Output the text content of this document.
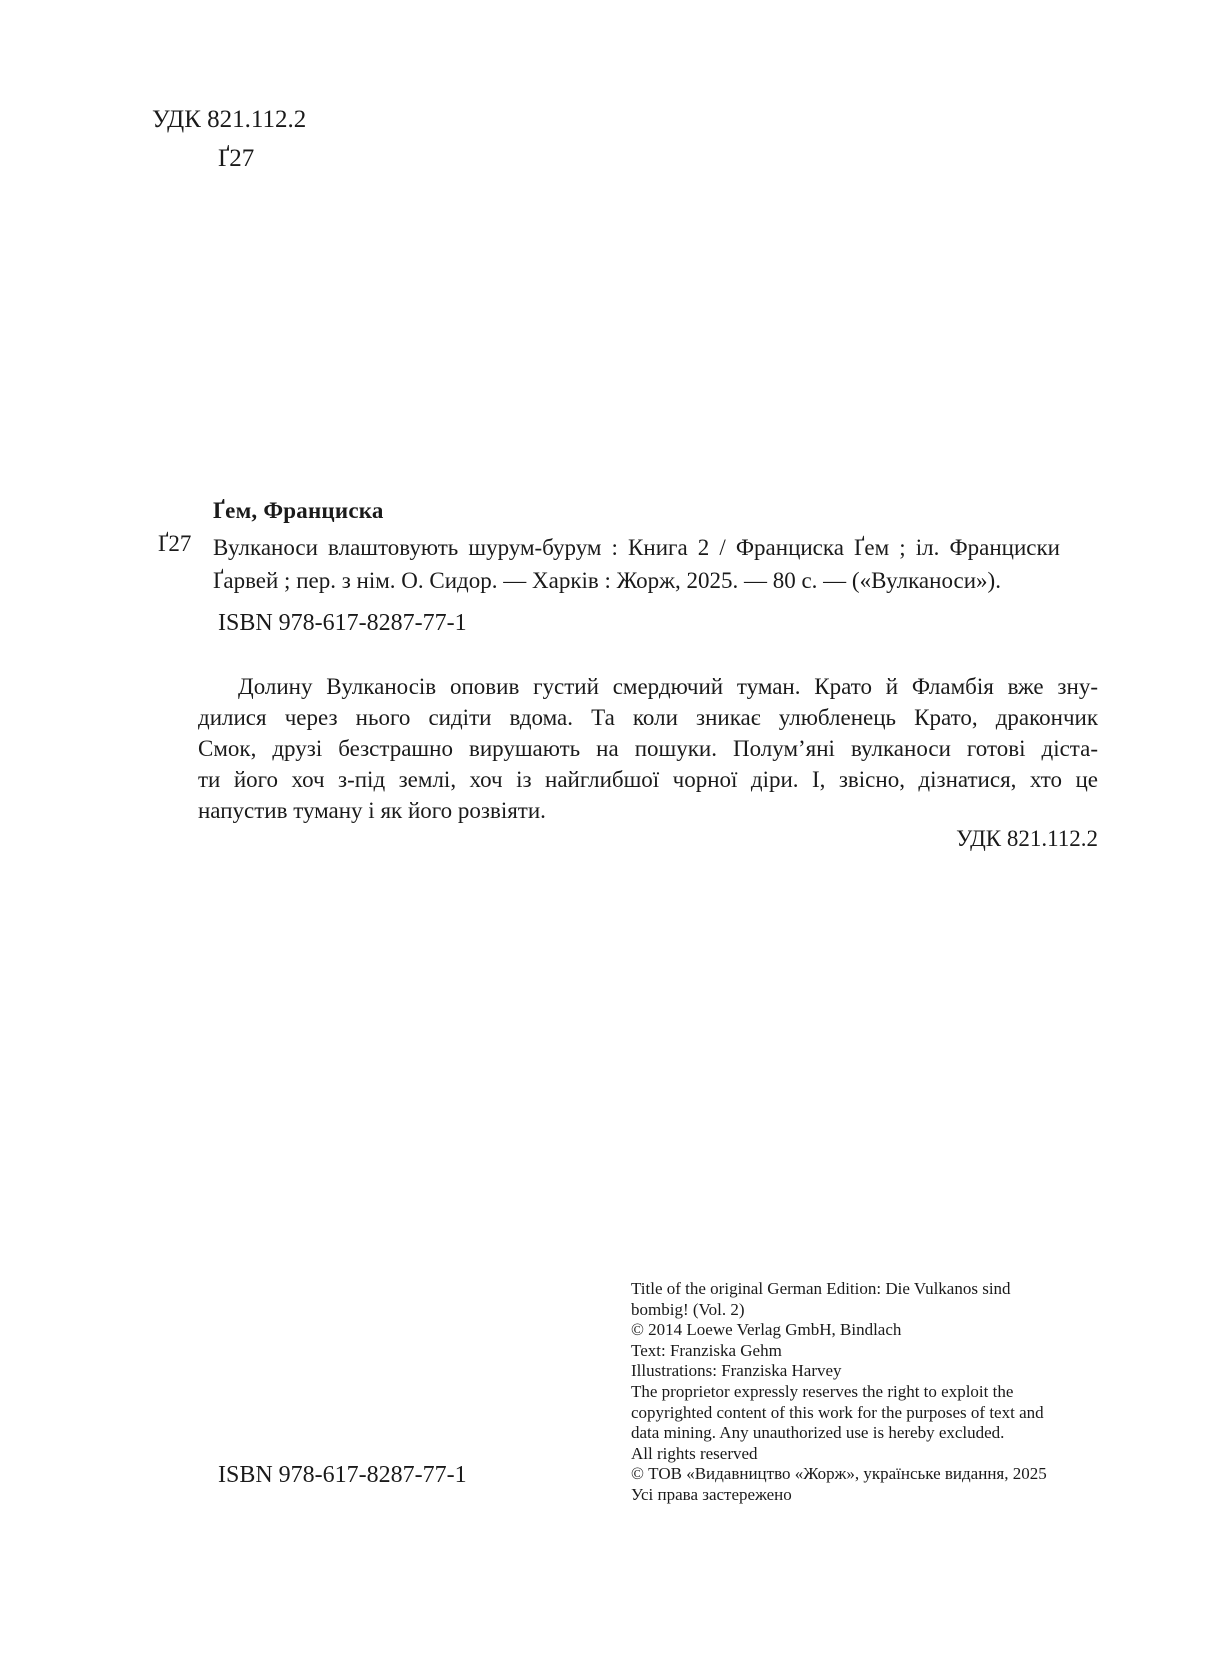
УДК 821.112.2
Ґ27
Ґем, Франциска
Ґ27 Вулканоси влаштовують шурум-бурум : Книга 2 / Франциска Ґем ; іл. Франциски
Ґарвей ; пер. з нім. О. Сидор. — Харків : Жорж, 2025. — 80 с. — («Вулканоси»).
ISBN 978-617-8287-77-1
Долину Вулканосів оповив густий смердючий туман. Крато й Фламбія вже зну-
дилися через нього сидіти вдома. Та коли зникає улюбленець Крато, дракончик
Смок, друзі безстрашно вирушають на пошуки. Полум’яні вулканоси готові діста-
ти його хоч з-під землі, хоч із найглибшої чорної діри. І, звісно, дізнатися, хто це
напустив туману і як його розвіяти.
УДК 821.112.2
Title of the original German Edition: Die Vulkanos sind
bombig! (Vol. 2)
© 2014 Loewe Verlag GmbH, Bindlach
Text: Franziska Gehm
Illustrations: Franziska Harvey
The proprietor expressly reserves the right to exploit the
copyrighted content of this work for the purposes of text and
data mining. Any unauthorized use is hereby excluded.
All rights reserved
© ТОВ «Видавництво «Жорж», українське видання, 2025
Усі права застережено
ISBN 978-617-8287-77-1
